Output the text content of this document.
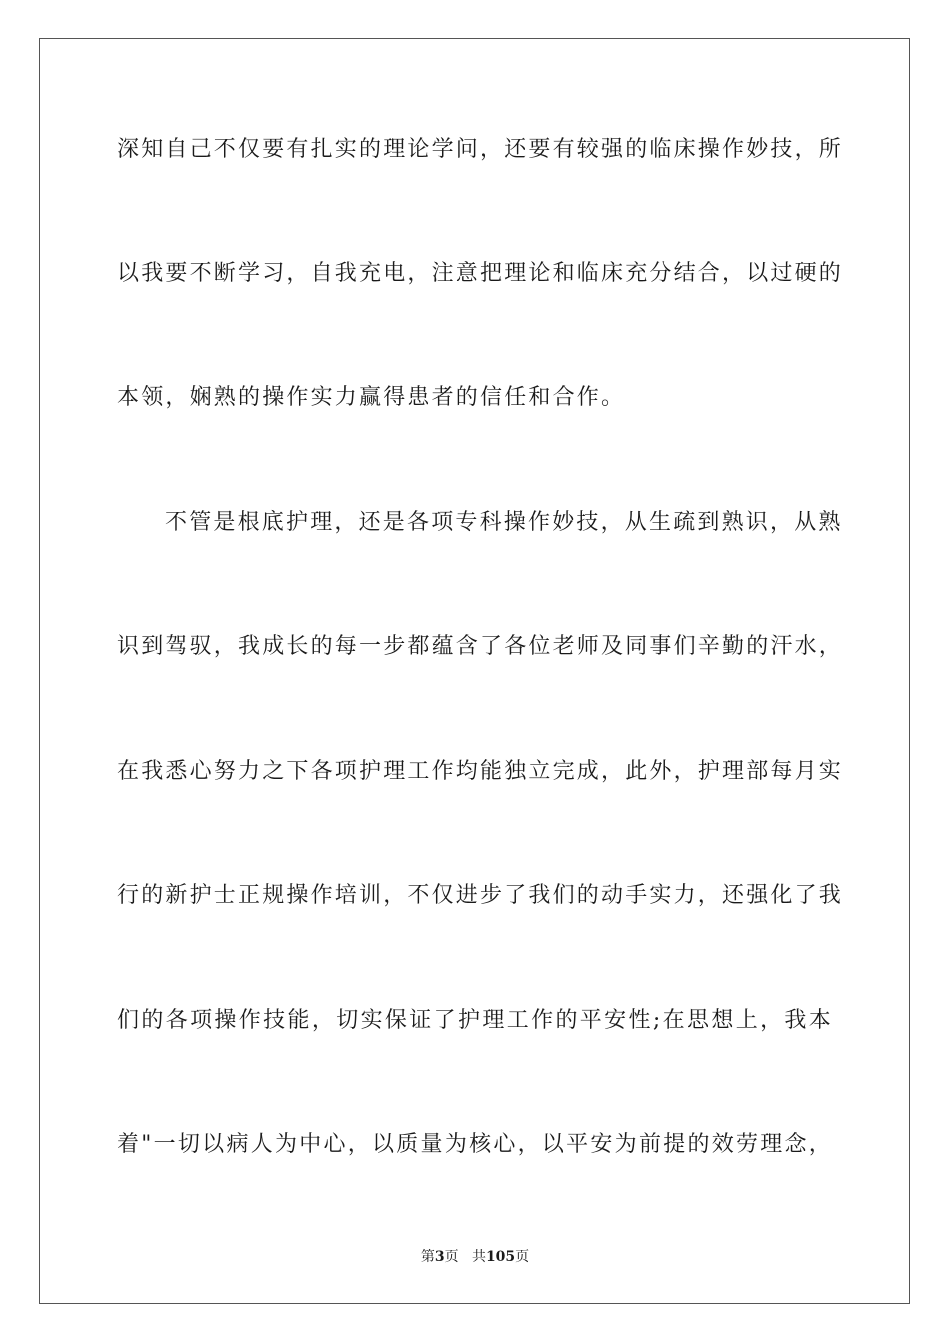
深知自己不仅要有扎实的理论学问，还要有较强的临床操作妙技，所
以我要不断学习，自我充电，注意把理论和临床充分结合，以过硬的
本领，娴熟的操作实力赢得患者的信任和合作。
不管是根底护理，还是各项专科操作妙技，从生疏到熟识，从熟
识到驾驭，我成长的每一步都蕴含了各位老师及同事们辛勤的汗水，
在我悉心努力之下各项护理工作均能独立完成，此外，护理部每月实
行的新护士正规操作培训，不仅进步了我们的动手实力，还强化了我
们的各项操作技能，切实保证了护理工作的平安性;在思想上，我本
着"一切以病人为中心，以质量为核心，以平安为前提的效劳理念，
第3页 共105页
